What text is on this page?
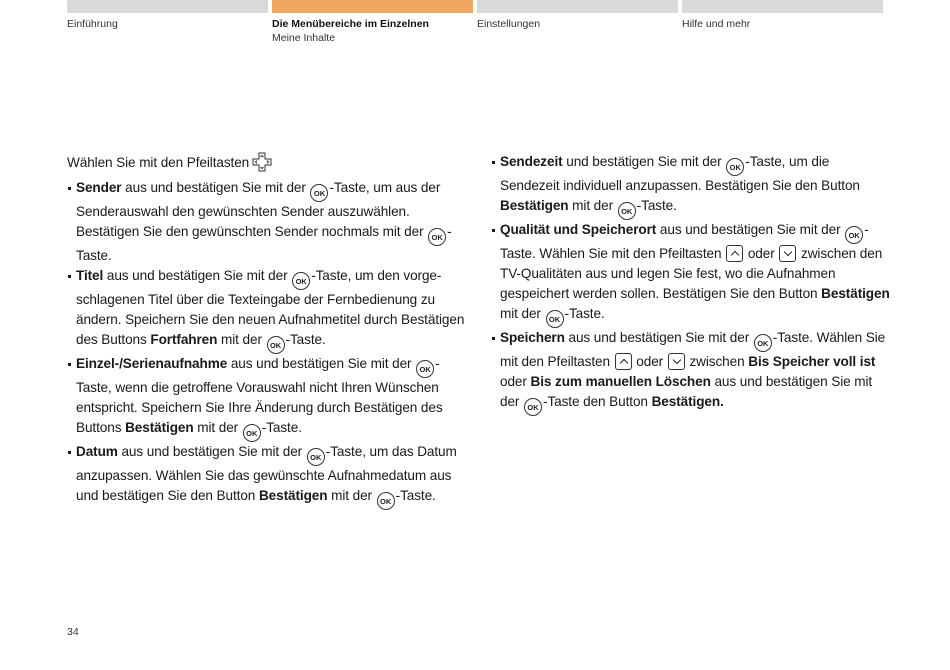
Einführung	Die Menübereiche im Einzelnen
Meine Inhalte
Einstellungen	Hilfe und mehr
Wählen Sie mit den Pfeiltasten
Sender aus und bestätigen Sie mit der OK -Taste, um aus der Senderauswahl den gewünschten Sender auszuwählen. Bestätigen Sie den gewünschten Sender nochmals mit der OK -Taste.
Titel aus und bestätigen Sie mit der OK -Taste, um den vorgeschlagenen Titel über die Texteingabe der Fernbedienung zu ändern. Speichern Sie den neuen Aufnahmetitel durch Bestätigen des Buttons Fortfahren mit der OK -Taste.
Einzel-/Serienaufnahme aus und bestätigen Sie mit der OK -Taste, wenn die getroffene Vorauswahl nicht Ihren Wünschen entspricht. Speichern Sie Ihre Änderung durch Bestätigen des Buttons Bestätigen mit der OK -Taste.
Datum aus und bestätigen Sie mit der OK -Taste, um das Datum anzupassen. Wählen Sie das gewünschte Aufnahmedatum aus und bestätigen Sie den Button Bestätigen mit der OK -Taste.
Sendezeit und bestätigen Sie mit der OK -Taste, um die Sendezeit individuell anzupassen. Bestätigen Sie den Button Bestätigen mit der OK -Taste.
Qualität und Speicherort aus und bestätigen Sie mit der OK -Taste. Wählen Sie mit den Pfeiltasten  oder  zwischen den TV-Qualitäten aus und legen Sie fest, wo die Aufnahmen gespeichert werden sollen. Bestätigen Sie den Button Bestätigen mit der OK -Taste.
Speichern aus und bestätigen Sie mit der OK -Taste. Wählen Sie mit den Pfeiltasten  oder  zwischen Bis Speicher voll ist oder Bis zum manuellen Löschen aus und bestätigen Sie mit der OK -Taste den Button Bestätigen.
34
